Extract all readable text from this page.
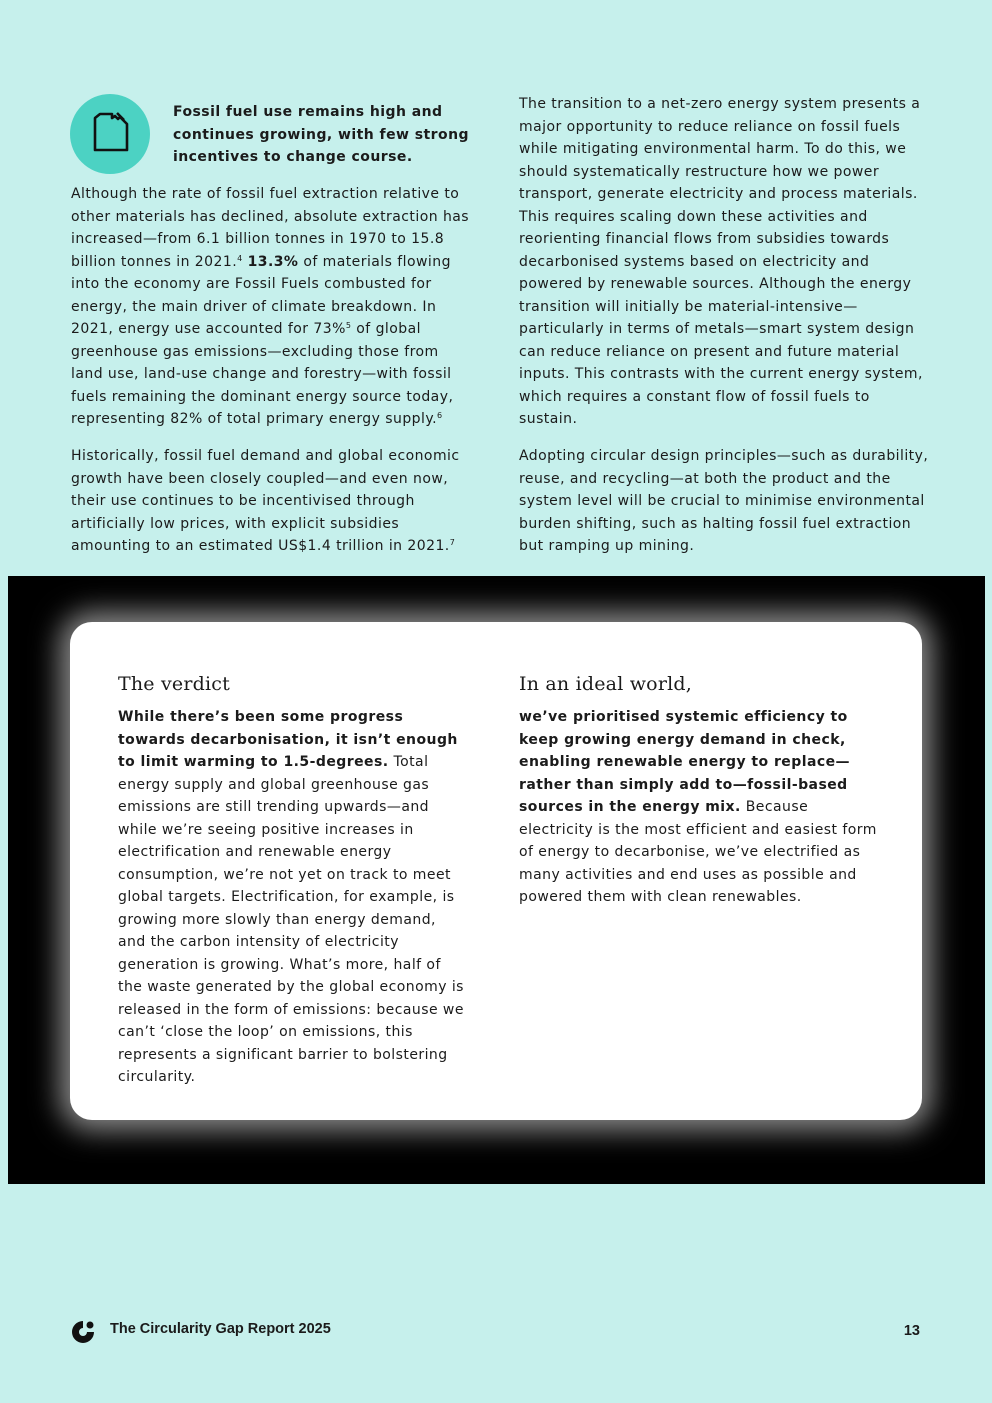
Fossil fuel use remains high and continues growing, with few strong incentives to change course.

Although the rate of fossil fuel extraction relative to other materials has declined, absolute extraction has increased—from 6.1 billion tonnes in 1970 to 15.8 billion tonnes in 2021.$^4$ 13.3% of materials flowing into the economy are Fossil Fuels combusted for energy, the main driver of climate breakdown. In 2021, energy use accounted for 73%$^5$ of global greenhouse gas emissions—excluding those from land use, land-use change and forestry—with fossil fuels remaining the dominant energy source today, representing 82% of total primary energy supply.$^6$

Historically, fossil fuel demand and global economic growth have been closely coupled—and even now, their use continues to be incentivised through artificially low prices, with explicit subsidies amounting to an estimated US$1.4 trillion in 2021.$^7$

The transition to a net-zero energy system presents a major opportunity to reduce reliance on fossil fuels while mitigating environmental harm. To do this, we should systematically restructure how we power transport, generate electricity and process materials. This requires scaling down these activities and reorienting financial flows from subsidies towards decarbonised systems based on electricity and powered by renewable sources. Although the energy transition will initially be material-intensive—particularly in terms of metals—smart system design can reduce reliance on present and future material inputs. This contrasts with the current energy system, which requires a constant flow of fossil fuels to sustain.

Adopting circular design principles—such as durability, reuse, and recycling—at both the product and the system level will be crucial to minimise environmental burden shifting, such as halting fossil fuel extraction but ramping up mining.

The verdict

While there’s been some progress towards decarbonisation, it isn’t enough to limit warming to 1.5-degrees. Total energy supply and global greenhouse gas emissions are still trending upwards—and while we’re seeing positive increases in electrification and renewable energy consumption, we’re not yet on track to meet global targets. Electrification, for example, is growing more slowly than energy demand, and the carbon intensity of electricity generation is growing. What’s more, half of the waste generated by the global economy is released in the form of emissions: because we can’t ‘close the loop’ on emissions, this represents a significant barrier to bolstering circularity.

In an ideal world,

we’ve prioritised systemic efficiency to keep growing energy demand in check, enabling renewable energy to replace—rather than simply add to—fossil-based sources in the energy mix. Because electricity is the most efficient and easiest form of energy to decarbonise, we’ve electrified as many activities and end uses as possible and powered them with clean renewables.

The Circularity Gap Report 2025	13
